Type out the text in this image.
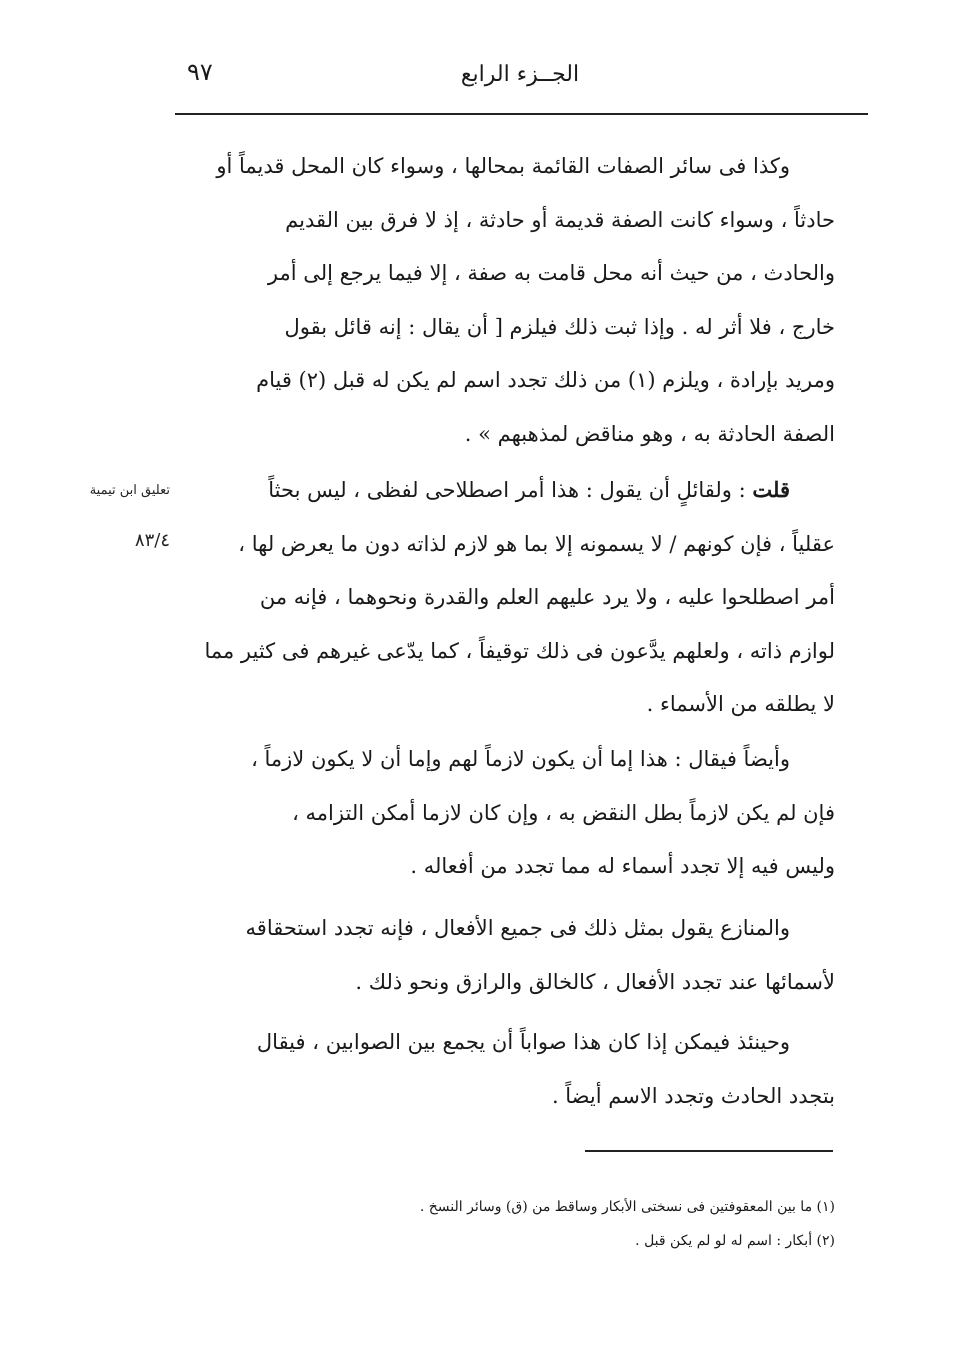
الجــزء الرابع
٩٧

وكذا فى سائر الصفات القائمة بمحالها ، وسواء كان المحل قديماً أو

حادثاً ، وسواء كانت الصفة قديمة أو حادثة ، إذ لا فرق بين القديم

والحادث ، من حيث أنه محل قامت به صفة ، إلا فيما يرجع إلى أمر

خارج ، فلا أثر له . وإذا ثبت ذلك فيلزم [ أن يقال : إنه قائل بقول

ومريد بإرادة ، ويلزم (١) من ذلك تجدد اسم لم يكن له قبل (٢) قيام

الصفة الحادثة به ، وهو مناقض لمذهبهم » .

تعليق ابن تيمية
٨٣/٤

قلت : ولقائلٍ أن يقول : هذا أمر اصطلاحى لفظى ، ليس بحثاً

عقلياً ، فإن كونهم / لا يسمونه إلا بما هو لازم لذاته دون ما يعرض لها ،

أمر اصطلحوا عليه ، ولا يرد عليهم العلم والقدرة ونحوهما ، فإنه من

لوازم ذاته ، ولعلهم يدَّعون فى ذلك توقيفاً ، كما يدّعى غيرهم فى كثير مما

لا يطلقه من الأسماء .

وأيضاً فيقال : هذا إما أن يكون لازماً لهم وإما أن لا يكون لازماً ،

فإن لم يكن لازماً بطل النقض به ، وإن كان لازما أمكن التزامه ،

وليس فيه إلا تجدد أسماء له مما تجدد من أفعاله .

والمنازع يقول بمثل ذلك فى جميع الأفعال ، فإنه تجدد استحقاقه

لأسمائها عند تجدد الأفعال ، كالخالق والرازق ونحو ذلك .

وحينئذ فيمكن إذا كان هذا صواباً أن يجمع بين الصوابين ، فيقال

بتجدد الحادث وتجدد الاسم أيضاً .

(١) ما بين المعقوفتين فى نسختى الأبكار وساقط من (ق) وسائر النسخ .

(٢) أبكار : اسم له لو لم يكن قبل .
